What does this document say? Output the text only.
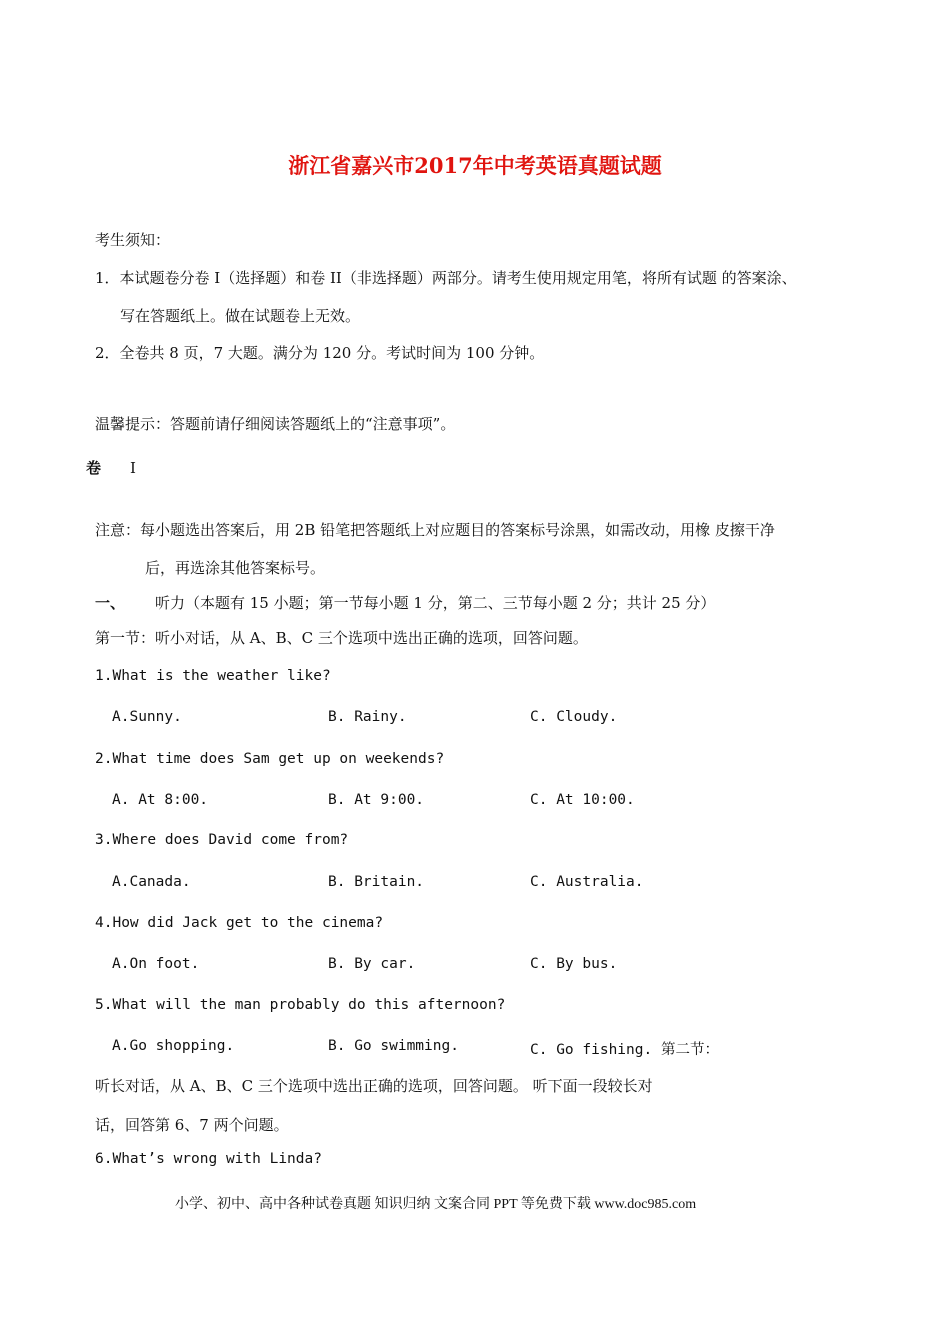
浙江省嘉兴市2017年中考英语真题试题
考生须知：
1．本试题卷分卷 I（选择题）和卷 II（非选择题）两部分。请考生使用规定用笔，将所有试题 的答案涂、
写在答题纸上。做在试题卷上无效。
2．全卷共 8 页，7 大题。满分为 120 分。考试时间为 100 分钟。
温馨提示：答题前请仔细阅读答题纸上的“注意事项”。
卷 I
注意：每小题选出答案后，用 2B 铅笔把答题纸上对应题目的答案标号涂黑，如需改动，用橡 皮擦干净
后，再选涂其他答案标号。
一、 听力（本题有 15 小题；第一节每小题 1 分，第二、三节每小题 2 分；共计 25 分）
第一节：听小对话，从 A、B、C 三个选项中选出正确的选项，回答问题。
1.What is the weather like?
A.Sunny.	B. Rainy.	C. Cloudy.
2.What time does Sam get up on weekends?
A. At 8:00.	B. At 9:00.	C. At 10:00.
3.Where does David come from?
A.Canada.	B. Britain.	C. Australia.
4.How did Jack get to the cinema?
A.On foot.	B. By car.	C. By bus.
5.What will the man probably do this afternoon?
A.Go shopping.	B. Go swimming.	C. Go fishing. 第二节：
听长对话，从 A、B、C 三个选项中选出正确的选项，回答问题。 听下面一段较长对
话，回答第 6、7 两个问题。
6.What’s wrong with Linda?
小学、初中、高中各种试卷真题 知识归纳 文案合同 PPT 等免费下载 www.doc985.com
